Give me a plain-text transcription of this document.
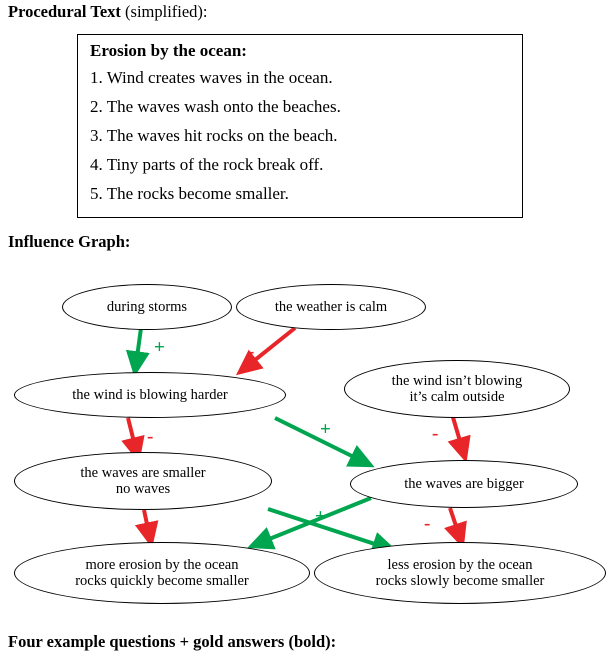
Procedural Text (simplified):
Erosion by the ocean:
1. Wind creates waves in the ocean.
2. The waves wash onto the beaches.
3. The waves hit rocks on the beach.
4. Tiny parts of the rock break off.
5. The rocks become smaller.
Influence Graph:
during storms	the weather is calm
the wind is blowing harder
the wind isn’t blowing
it’s calm outside
the waves are smaller
no waves	the waves are bigger
more erosion by the ocean
rocks quickly become smaller
less erosion by the ocean
rocks slowly become smaller
+	-
-	+	-
-	+	-
Four example questions + gold answers (bold):
